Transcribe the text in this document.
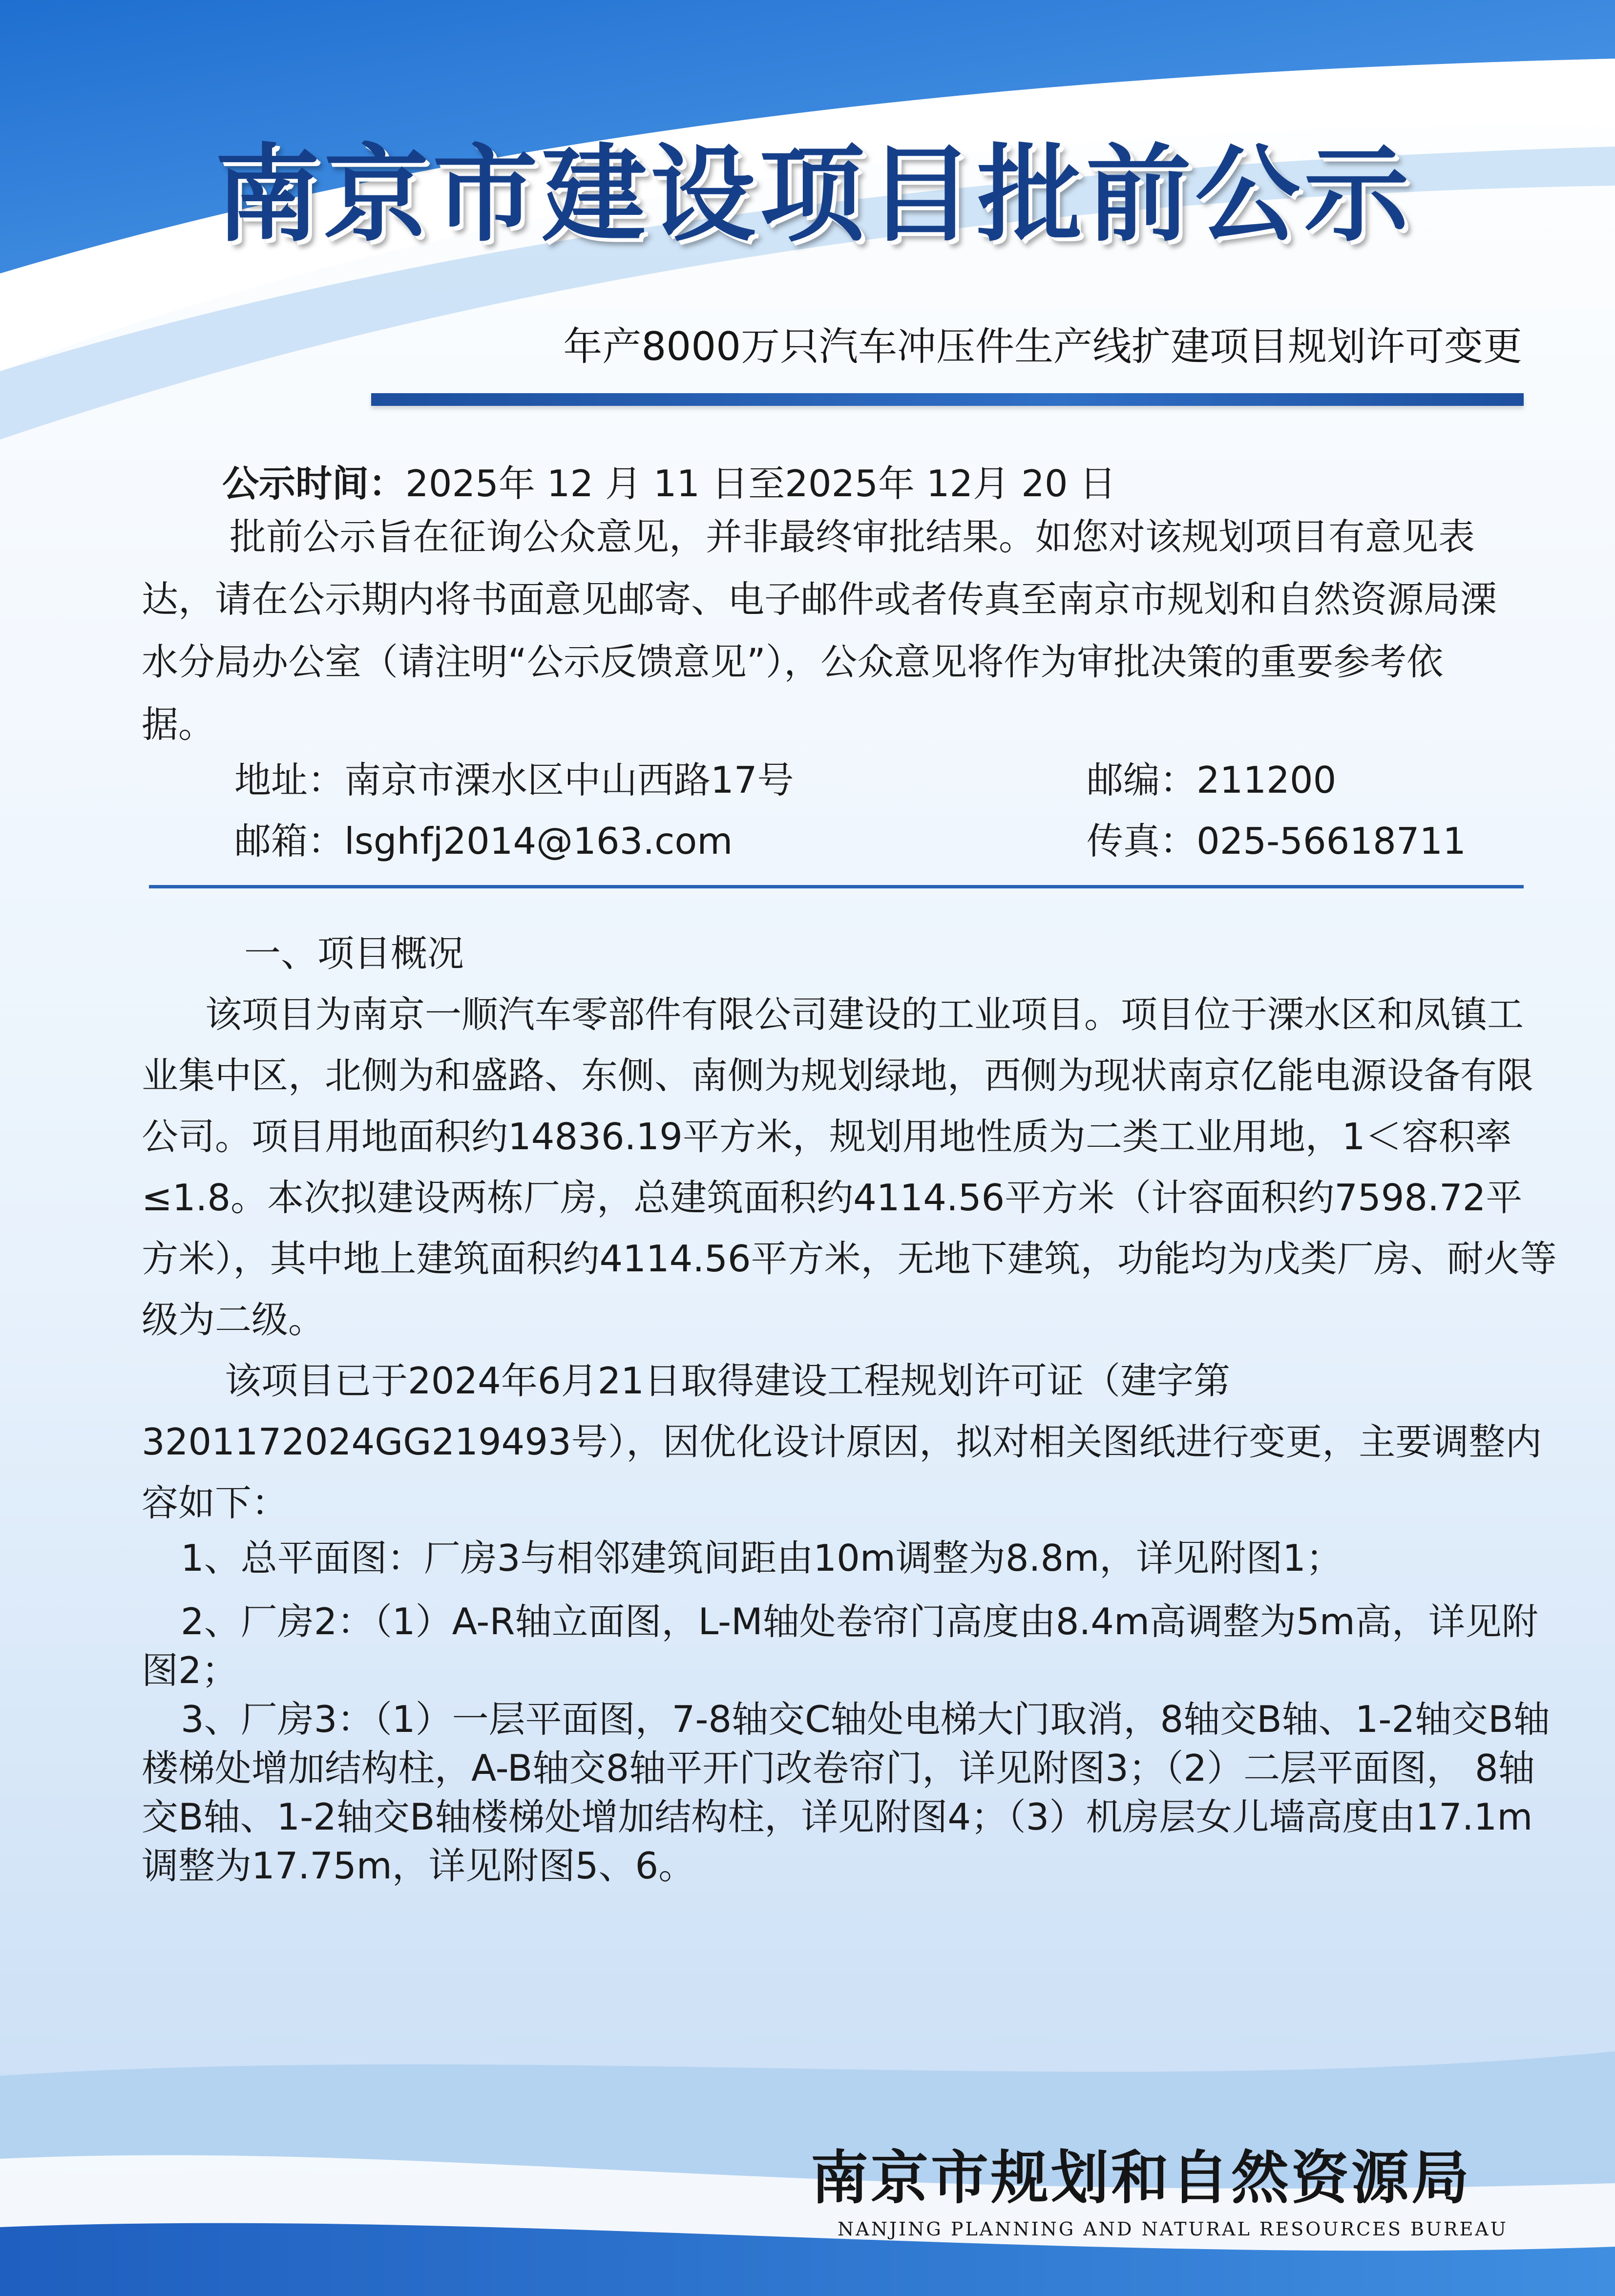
南京市建设项目批前公示
年产8000万只汽车冲压件生产线扩建项目规划许可变更
公示时间：2025年 12 月 11 日至2025年 12月 20 日

批前公示旨在征询公众意见，并非最终审批结果。如您对该规划项目有意见表达，请在公示期内将书面意见邮寄、电子邮件或者传真至南京市规划和自然资源局溧水分局办公室（请注明“公示反馈意见”），公众意见将作为审批决策的重要参考依据。

地址：南京市溧水区中山西路17号	邮编：211200
邮箱：lsghfj2014@163.com	传真：025-56618711
一、项目概况

该项目为南京一顺汽车零部件有限公司建设的工业项目。项目位于溧水区和凤镇工业集中区，北侧为和盛路、东侧、南侧为规划绿地，西侧为现状南京亿能电源设备有限公司。项目用地面积约14836.19平方米，规划用地性质为二类工业用地，1＜容积率≤1.8。本次拟建设两栋厂房，总建筑面积约4114.56平方米（计容面积约7598.72平方米），其中地上建筑面积约4114.56平方米，无地下建筑，功能均为戊类厂房、耐火等级为二级。

该项目已于2024年6月21日取得建设工程规划许可证（建字第3201172024GG219493号），因优化设计原因，拟对相关图纸进行变更，主要调整内容如下：

1、总平面图：厂房3与相邻建筑间距由10m调整为8.8m，详见附图1；

2、厂房2：（1）A-R轴立面图，L-M轴处卷帘门高度由8.4m高调整为5m高，详见附图2；

3、厂房3：（1）一层平面图，7-8轴交C轴处电梯大门取消，8轴交B轴、1-2轴交B轴楼梯处增加结构柱，A-B轴交8轴平开门改卷帘门，详见附图3；（2）二层平面图， 8轴交B轴、1-2轴交B轴楼梯处增加结构柱，详见附图4；（3）机房层女儿墙高度由17.1m调整为17.75m，详见附图5、6。

南京市规划和自然资源局
NANJING PLANNING AND NATURAL RESOURCES BUREAU
